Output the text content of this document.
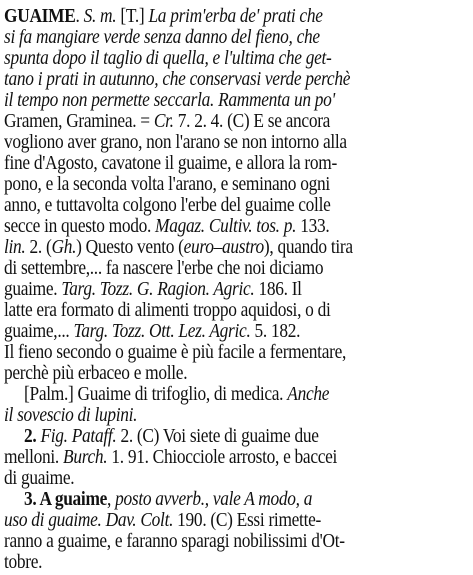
GUAIME. S. m. [T.] La prim'erba de' prati che
si fa mangiare verde senza danno del fieno, che
spunta dopo il taglio di quella, e l'ultima che get-
tano i prati in autunno, che conservasi verde perchè
il tempo non permette seccarla. Rammenta un po'
Gramen, Graminea. = Cr. 7. 2. 4. (C) E se ancora
vogliono aver grano, non l'arano se non intorno alla
fine d'Agosto, cavatone il guaime, e allora la rom-
pono, e la seconda volta l'arano, e seminano ogni
anno, e tuttavolta colgono l'erbe del guaime colle
secce in questo modo. Magaz. Cultiv. tos. p. 133.
lin. 2. (Gh.) Questo vento (euro–austro), quando tira
di settembre,... fa nascere l'erbe che noi diciamo
guaime. Targ. Tozz. G. Ragion. Agric. 186. Il
latte era formato di alimenti troppo aquidosi, o di
guaime,... Targ. Tozz. Ott. Lez. Agric. 5. 182.
Il fieno secondo o guaime è più facile a fermentare,
perchè più erbaceo e molle.
[Palm.] Guaime di trifoglio, di medica. Anche
il sovescio di lupini.
2. Fig. Pataff. 2. (C) Voi siete di guaime due
melloni. Burch. 1. 91. Chiocciole arrosto, e baccei
di guaime.
3. A guaime, posto avverb., vale A modo, a
uso di guaime. Dav. Colt. 190. (C) Essi rimette-
ranno a guaime, e faranno sparagi nobilissimi d'Ot-
tobre.
